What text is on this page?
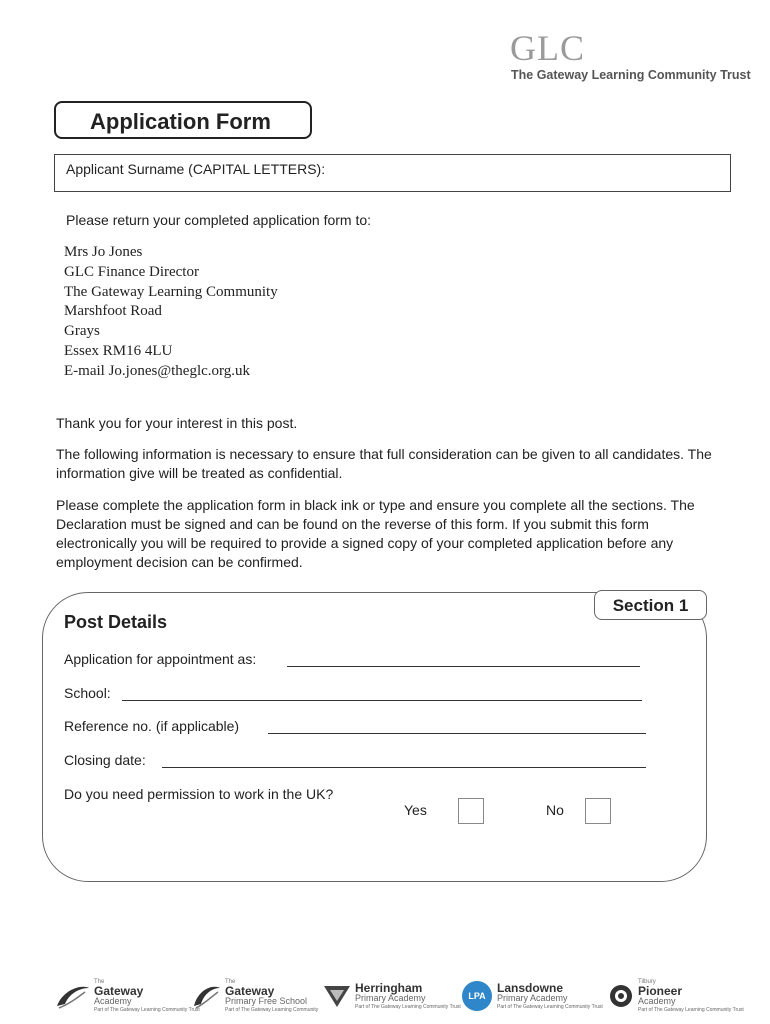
GLC
The Gateway Learning Community Trust
Application Form
Applicant Surname (CAPITAL LETTERS):
Please return your completed application form to:
Mrs Jo Jones
GLC Finance Director
The Gateway Learning Community
Marshfoot Road
Grays
Essex RM16 4LU
E-mail Jo.jones@theglc.org.uk
Thank you for your interest in this post.
The following information is necessary to ensure that full consideration can be given to all candidates. The information give will be treated as confidential.
Please complete the application form in black ink or type and ensure you complete all the sections. The Declaration must be signed and can be found on the reverse of this form. If you submit this form electronically you will be required to provide a signed copy of your completed application before any employment decision can be confirmed.
Section 1
Post Details
Application for appointment as:
School:
Reference no. (if applicable)
Closing date:
Do you need permission to work in the UK?
Yes	No
The
Gateway
Academy
Part of The Gateway Learning Community Trust
The
Gateway
Primary Free School
Part of The Gateway Learning Community
Herringham
Primary Academy
Part of The Gateway Learning Community Trust
LPA
Lansdowne
Primary Academy
Part of The Gateway Learning Community Trust
Tilbury
Pioneer
Academy
Part of The Gateway Learning Community Trust
